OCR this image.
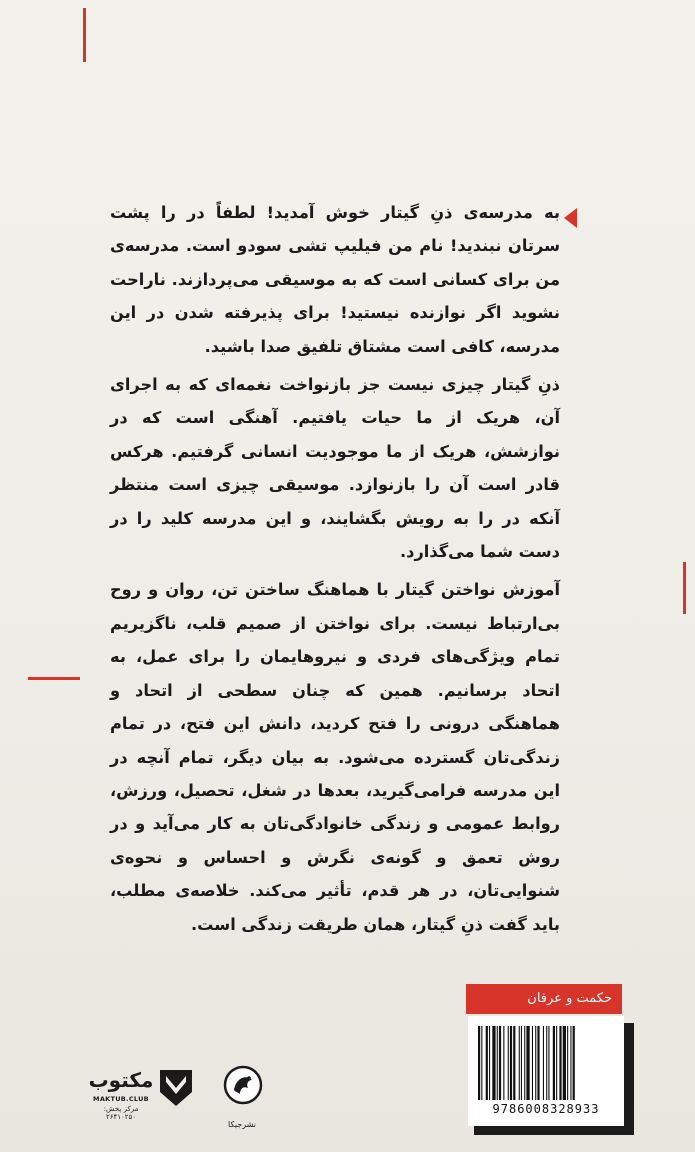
به مدرسه‌ی ذنِ گیتار خوش آمدید! لطفاً در را پشت سرتان نبندید! نام من فیلیپ تشی سودو است. مدرسه‌ی من برای کسانی است که به موسیقی می‌پردازند. ناراحت نشوید اگر نوازنده نیستید! برای پذیرفته شدن در این مدرسه، کافی است مشتاق تلفیق صدا باشید.

ذنِ گیتار چیزی نیست جز بازنواخت نغمه‌ای که به اجرای آن، هریک از ما حیات یافتیم. آهنگی است که در نوازشش، هریک از ما موجودیت انسانی گرفتیم. هرکس قادر است آن را بازنوازد. موسیقی چیزی است منتظر آنکه در را به رویش بگشایند، و این مدرسه کلید را در دست شما می‌گذارد.

آموزش نواختن گیتار با هماهنگ ساختن تن، روان و روح بی‌ارتباط نیست. برای نواختن از صمیم قلب، ناگزیریم تمام ویژگی‌های فردی و نیروهایمان را برای عمل، به اتحاد برسانیم. همین که چنان سطحی از اتحاد و هماهنگی درونی را فتح کردید، دانش این فتح، در تمام زندگی‌تان گسترده می‌شود. به بیان دیگر، تمام آنچه در این مدرسه فرامی‌گیرید، بعدها در شغل، تحصیل، ورزش، روابط عمومی و زندگی خانوادگی‌تان به کار می‌آید و در روش تعمق و گونه‌ی نگرش و احساس و نحوه‌ی شنوایی‌تان، در هر قدم، تأثیر می‌کند. خلاصه‌ی مطلب، باید گفت ذنِ گیتار، همان طریقت زندگی است.

حکمت و عرفان
9786008328933
نشرجیکا
مکتوب
MAKTUB.CLUB
مرکز پخش: ۲۶۴۱۰۲۵۰
